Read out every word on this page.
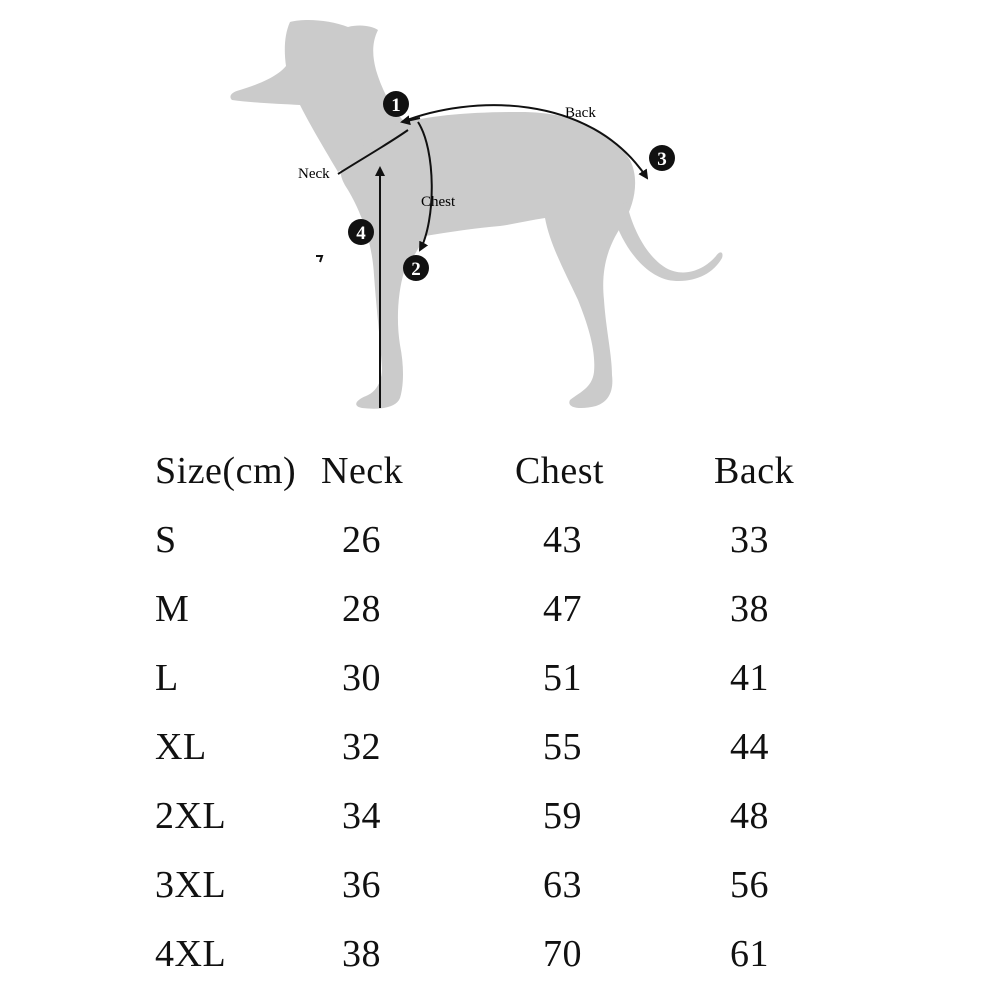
Neck
Chest
Back
1
2
3
4
Size(cm) Neck	Chest	Back
S	26	43	33
M	28	47	38
L	30	51	41
XL	32	55	44
2XL	34	59	48
3XL	36	63	56
4XL	38	70	61
